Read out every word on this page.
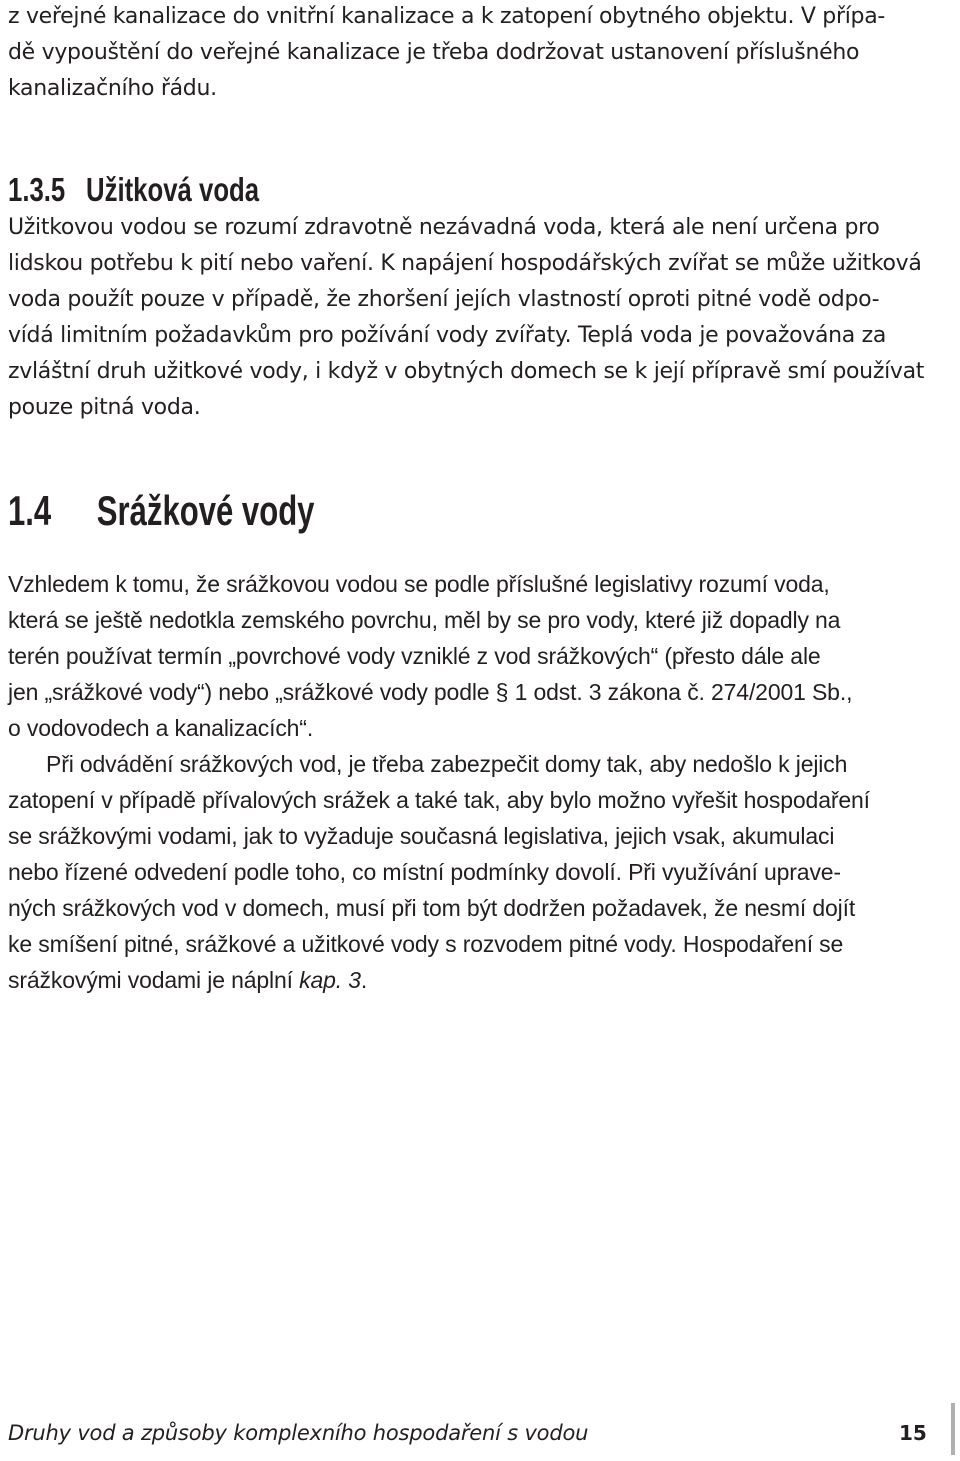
z veřejné kanalizace do vnitřní kanalizace a k zatopení obytného objektu. V přípa-
dě vypouštění do veřejné kanalizace je třeba dodržovat ustanovení příslušného
kanalizačního řádu.
1.3.5 Užitková voda
Užitkovou vodou se rozumí zdravotně nezávadná voda, která ale není určena pro
lidskou potřebu k pití nebo vaření. K napájení hospodářských zvířat se může užitková
voda použít pouze v případě, že zhoršení jejích vlastností oproti pitné vodě odpo-
vídá limitním požadavkům pro požívání vody zvířaty. Teplá voda je považována za
zvláštní druh užitkové vody, i když v obytných domech se k její přípravě smí používat
pouze pitná voda.
1.4 Srážkové vody
Vzhledem k tomu, že srážkovou vodou se podle příslušné legislativy rozumí voda,
která se ještě nedotkla zemského povrchu, měl by se pro vody, které již dopadly na
terén používat termín „povrchové vody vzniklé z vod srážkových“ (přesto dále ale
jen „srážkové vody“) nebo „srážkové vody podle § 1 odst. 3 zákona č. 274/2001 Sb.,
o vodovodech a kanalizacích“.
Při odvádění srážkových vod, je třeba zabezpečit domy tak, aby nedošlo k jejich
zatopení v případě přívalových srážek a také tak, aby bylo možno vyřešit hospodaření
se srážkovými vodami, jak to vyžaduje současná legislativa, jejich vsak, akumulaci
nebo řízené odvedení podle toho, co místní podmínky dovolí. Při využívání uprave-
ných srážkových vod v domech, musí při tom být dodržen požadavek, že nesmí dojít
ke smíšení pitné, srážkové a užitkové vody s rozvodem pitné vody. Hospodaření se
srážkovými vodami je náplní kap. 3.
Druhy vod a způsoby komplexního hospodaření s vodou	15
